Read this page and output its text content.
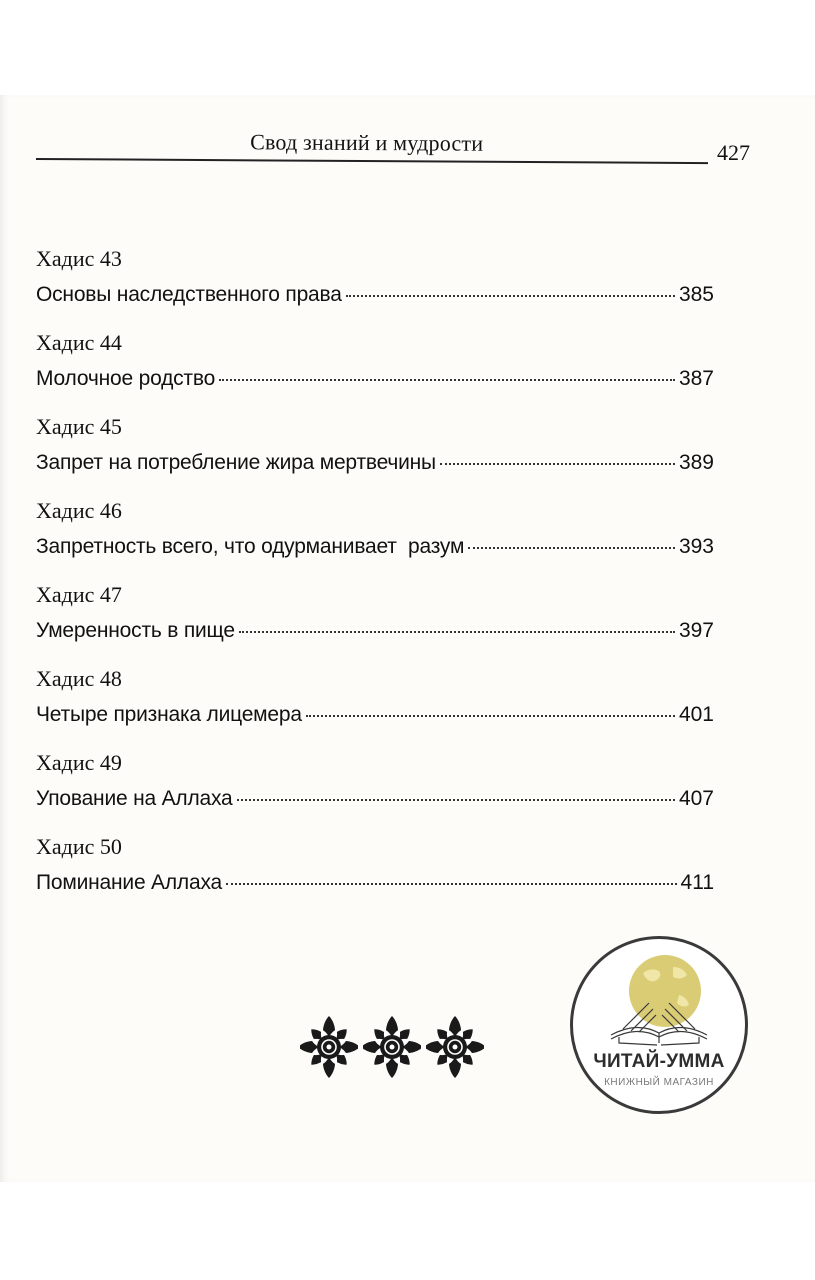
Свод знаний и мудрости	427
Хадис 43
Основы наследственного права	385
Хадис 44
Молочное родство	387
Хадис 45
Запрет на потребление жира мертвечины	389
Хадис 46
Запретность всего, что одурманивает  разум	393
Хадис 47
Умеренность в пище	397
Хадис 48
Четыре признака лицемера	401
Хадис 49
Упование на Аллаха	407
Хадис 50
Поминание Аллаха	411
ЧИТАЙ-УММА
КНИЖНЫЙ МАГАЗИН
